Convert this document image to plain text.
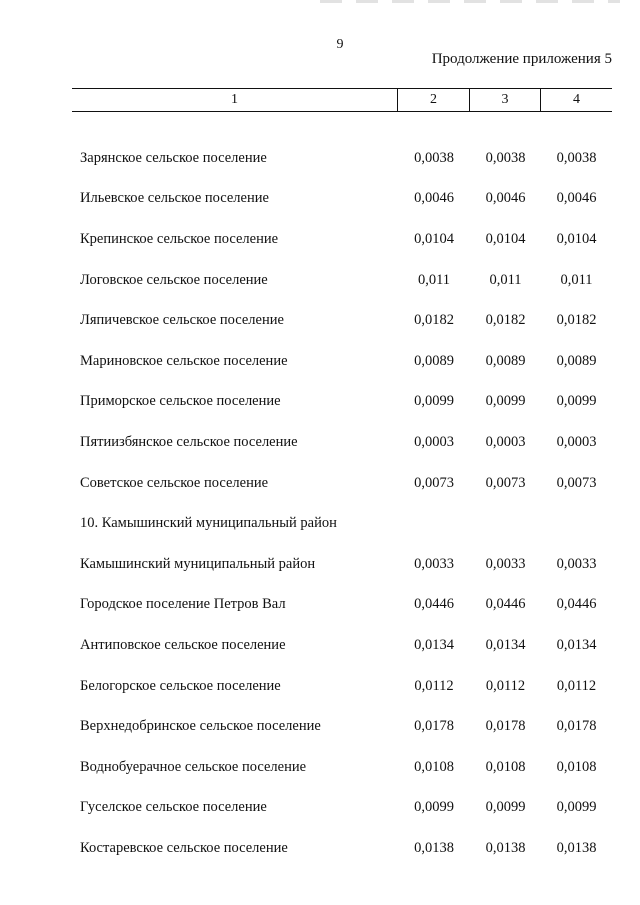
9
Продолжение приложения 5
1	2	3	4
Зарянское сельское поселение	0,0038	0,0038	0,0038
Ильевское сельское поселение	0,0046	0,0046	0,0046
Крепинское сельское поселение	0,0104	0,0104	0,0104
Логовское сельское поселение	0,011	0,011	0,011
Ляпичевское сельское поселение	0,0182	0,0182	0,0182
Мариновское сельское поселение	0,0089	0,0089	0,0089
Приморское сельское поселение	0,0099	0,0099	0,0099
Пятиизбянское сельское поселение	0,0003	0,0003	0,0003
Советское сельское поселение	0,0073	0,0073	0,0073
10. Камышинский муниципальный район
Камышинский муниципальный район	0,0033	0,0033	0,0033
Городское поселение Петров Вал	0,0446	0,0446	0,0446
Антиповское сельское поселение	0,0134	0,0134	0,0134
Белогорское сельское поселение	0,0112	0,0112	0,0112
Верхнедобринское сельское поселение	0,0178	0,0178	0,0178
Воднобуерачное сельское поселение	0,0108	0,0108	0,0108
Гуселское сельское поселение	0,0099	0,0099	0,0099
Костаревское сельское поселение	0,0138	0,0138	0,0138
